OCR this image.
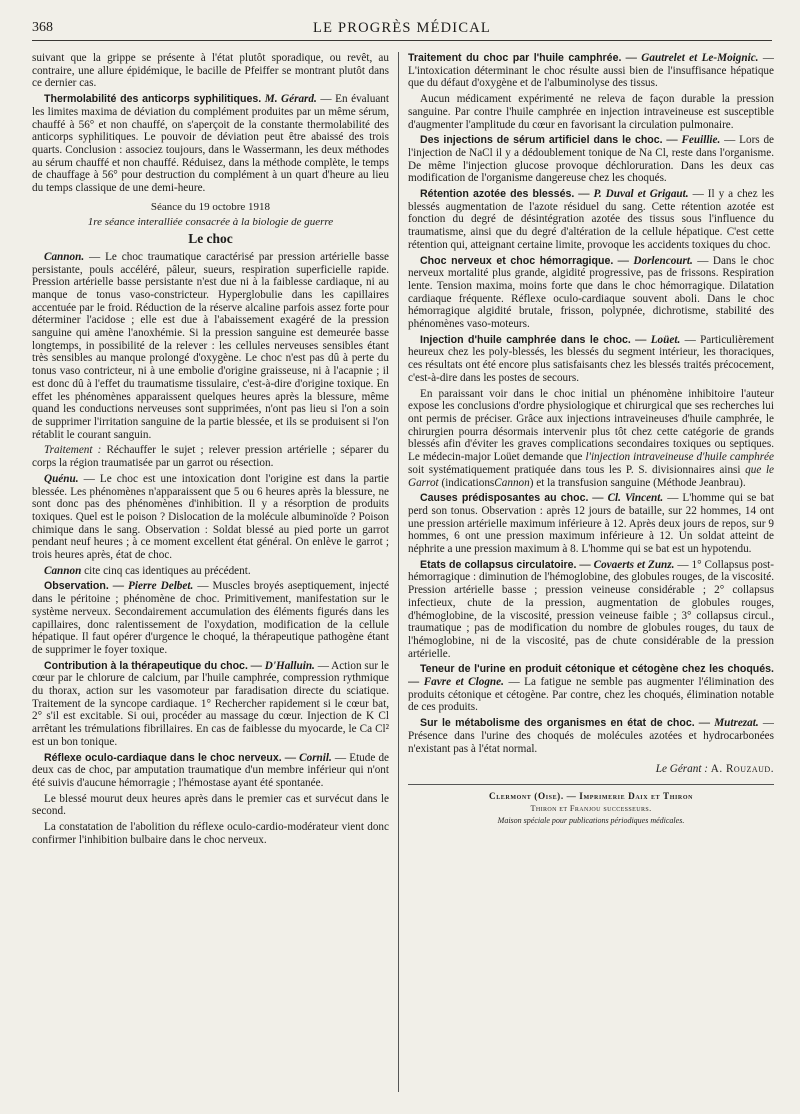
368	LE PROGRÈS MÉDICAL

suivant que la grippe se présente à l'état plutôt sporadique, ou revêt, au contraire, une allure épidémique, le bacille de Pfeiffer se montrant plutôt dans ce dernier cas.

Thermolabilité des anticorps syphilitiques. M. Gérard. — En évaluant les limites maxima de déviation du complément produites par un même sérum, chauffé à 56° et non chauffé, on s'aperçoit de la constante thermolabilité des anticorps syphilitiques. Le pouvoir de déviation peut être abaissé des trois quarts. Conclusion : associez toujours, dans le Wassermann, les deux méthodes au sérum chauffé et non chauffé. Réduisez, dans la méthode complète, le temps de chauffage à 56° pour destruction du complément à un quart d'heure au lieu du temps classique de une demi-heure.

Séance du 19 octobre 1918

1re séance interalliée consacrée à la biologie de guerre

Le choc

Cannon. — Le choc traumatique caractérisé par pression artérielle basse persistante, pouls accéléré, pâleur, sueurs, respiration superficielle rapide. Pression artérielle basse persistante n'est due ni à la faiblesse cardiaque, ni au manque de tonus vaso-constricteur. Hyperglobulie dans les capillaires accentuée par le froid. Réduction de la réserve alcaline parfois assez forte pour déterminer l'acidose ; elle est due à l'abaissement exagéré de la pression sanguine qui amène l'anoxhémie. Si la pression sanguine est demeurée basse longtemps, in possibilité de la relever : les cellules nerveuses sensibles étant très sensibles au manque prolongé d'oxygène. Le choc n'est pas dû à perte du tonus vaso contricteur, ni à une embolie d'origine graisseuse, ni à l'acapnie ; il est donc dû à l'effet du traumatisme tissulaire, c'est-à-dire d'origine toxique. En effet les phénomènes apparaissent quelques heures après la blessure, même quand les conductions nerveuses sont supprimées, n'ont pas lieu si l'on a soin de supprimer l'irritation sanguine de la partie blessée, et ils se produisent si l'on rétablit le courant sanguin.

Traitement : Réchauffer le sujet ; relever pression artérielle ; séparer du corps la région traumatisée par un garrot ou résection.

Quénu. — Le choc est une intoxication dont l'origine est dans la partie blessée. Les phénomènes n'apparaissent que 5 ou 6 heures après la blessure, ne sont donc pas des phénomènes d'inhibition. Il y a résorption de produits toxiques. Quel est le poison ? Dislocation de la molécule albuminoïde ? Poison chimique dans le sang. Observation : Soldat blessé au pied porte un garrot pendant neuf heures ; à ce moment excellent état général. On enlève le garrot ; trois heures après, état de choc.

Cannon cite cinq cas identiques au précédent.

Observation. — Pierre Delbet. — Muscles broyés aseptiquement, injecté dans le péritoine ; phénomène de choc. Primitivement, manifestation sur le système nerveux. Secondairement accumulation des éléments figurés dans les capillaires, donc ralentissement de l'oxydation, modification de la cellule hépatique. Il faut opérer d'urgence le choqué, la thérapeutique pathogène étant de supprimer le foyer toxique.

Contribution à la thérapeutique du choc. — D'Halluin. — Action sur le cœur par le chlorure de calcium, par l'huile camphrée, compression rythmique du thorax, action sur les vasomoteur par faradisation directe du sciatique. Traitement de la syncope cardiaque. 1° Rechercher rapidement si le cœur bat, 2° s'il est excitable. Si oui, procéder au massage du cœur. Injection de K Cl arrêtant les trémulations fibrillaires. En cas de faiblesse du myocarde, le Ca Cl² est un bon tonique.

Réflexe oculo-cardiaque dans le choc nerveux. — Cornil. — Etude de deux cas de choc, par amputation traumatique d'un membre inférieur qui n'ont été suivis d'aucune hémorragie ; l'hémostase ayant été spontanée.

Le blessé mourut deux heures après dans le premier cas et survécut dans le second.

La constatation de l'abolition du réflexe oculo-cardio-modérateur vient donc confirmer l'inhibition bulbaire dans le choc nerveux.

Traitement du choc par l'huile camphrée. — Gautrelet et Le-Moignic. — L'intoxication déterminant le choc résulte aussi bien de l'insuffisance hépatique que du défaut d'oxygène et de l'albuminolyse des tissus.

Aucun médicament expérimenté ne releva de façon durable la pression sanguine. Par contre l'huile camphrée en injection intraveineuse est susceptible d'augmenter l'amplitude du cœur en favorisant la circulation pulmonaire.

Des injections de sérum artificiel dans le choc. — Feuillie. — Lors de l'injection de NaCl il y a dédoublement tonique de Na Cl, reste dans l'organisme. De même l'injection glucose provoque déchloruration. Dans les deux cas modification de l'organisme dangereuse chez les choqués.

Rétention azotée des blessés. — P. Duval et Grigaut. — Il y a chez les blessés augmentation de l'azote résiduel du sang. Cette rétention azotée est fonction du degré de désintégration azotée des tissus sous l'influence du traumatisme, ainsi que du degré d'altération de la cellule hépatique. C'est cette rétention qui, atteignant certaine limite, provoque les accidents toxiques du choc.

Choc nerveux et choc hémorragique. — Dorlencourt. — Dans le choc nerveux mortalité plus grande, algidité progressive, pas de frissons. Respiration lente. Tension maxima, moins forte que dans le choc hémorragique. Dilatation cardiaque fréquente. Réflexe oculo-cardiaque souvent aboli. Dans le choc hémorragique algidité brutale, frisson, polypnée, dichrotisme, stabilité des phénomènes vaso-moteurs.

Injection d'huile camphrée dans le choc. — Loüet. — Particulièrement heureux chez les poly-blessés, les blessés du segment intérieur, les thoraciques, ces résultats ont été encore plus satisfaisants chez les blessés traités précocement, c'est-à-dire dans les postes de secours.

En paraissant voir dans le choc initial un phénomène inhibitoire l'auteur expose les conclusions d'ordre physiologique et chirurgical que ses recherches lui ont permis de préciser. Grâce aux injections intraveineuses d'huile camphrée, le chirurgien pourra désormais intervenir plus tôt chez cette catégorie de grands blessés afin d'éviter les graves complications secondaires toxiques ou septiques. Le médecin-major Loüet demande que l'injection intraveineuse d'huile camphrée soit systématiquement pratiquée dans tous les P. S. divisionnaires ainsi que le Garrot (indicationsCannon) et la transfusion sanguine (Méthode Jeanbrau).

Causes prédisposantes au choc. — Cl. Vincent. — L'homme qui se bat perd son tonus. Observation : après 12 jours de bataille, sur 22 hommes, 14 ont une pression artérielle maximum inférieure à 12. Après deux jours de repos, sur 9 hommes, 6 ont une pression maximum inférieure à 12. Un soldat atteint de néphrite a une pression maximum à 8. L'homme qui se bat est un hypotendu.

Etats de collapsus circulatoire. — Covaerts et Zunz. — 1° Collapsus post-hémorragique : diminution de l'hémoglobine, des globules rouges, de la viscosité. Pression artérielle basse ; pression veineuse considérable ; 2° collapsus infectieux, chute de la pression, augmentation de globules rouges, d'hémoglobine, de la viscosité, pression veineuse faible ; 3° collapsus circul., traumatique ; pas de modification du nombre de globules rouges, du taux de l'hémoglobine, ni de la viscosité, pas de chute considérable de la pression artérielle.

Teneur de l'urine en produit cétonique et cétogène chez les choqués. — Favre et Clogne. — La fatigue ne semble pas augmenter l'élimination des produits cétonique et cétogène. Par contre, chez les choqués, élimination notable de ces produits.

Sur le métabolisme des organismes en état de choc. — Mutrezat. — Présence dans l'urine des choqués de molécules azotées et hydrocarbonées n'existant pas à l'état normal.

Le Gérant : A. Rouzaud.

Clermont (Oise). — Imprimerie Daix et Thiron
Thiron et Franjou successeurs.
Maison spéciale pour publications périodiques médicales.
